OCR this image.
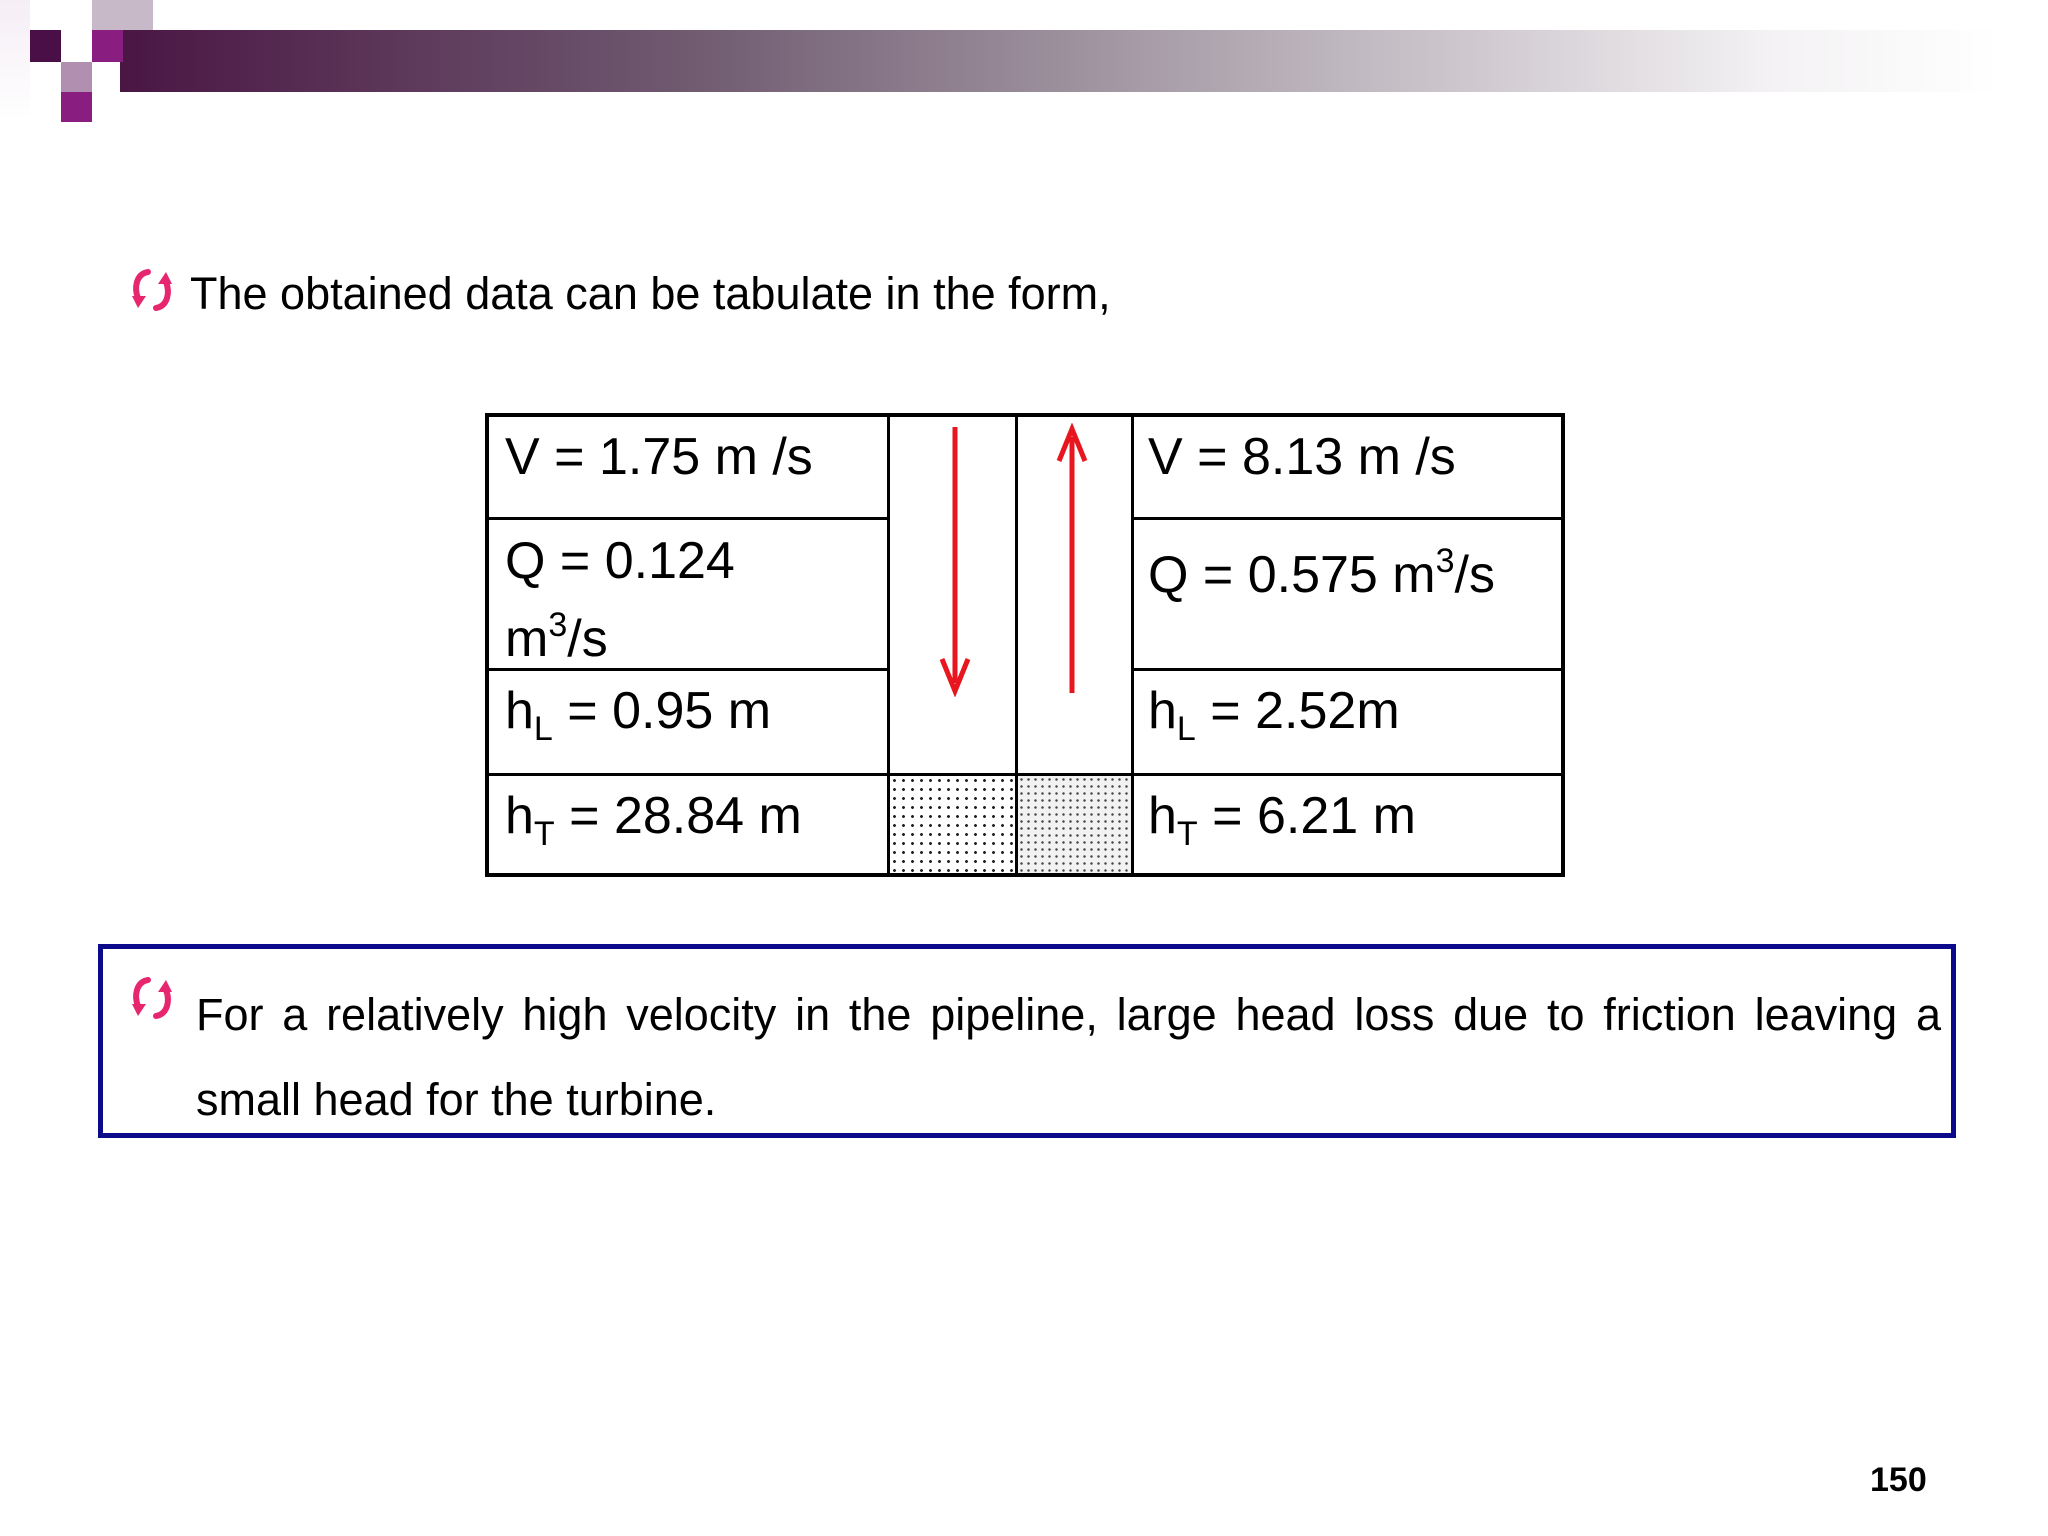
The obtained data can be tabulate in the form,
V = 1.75 m /s
Q = 0.124
$m^3/s$
$h_L = 0.95$ m
$h_T = 28.84$ m
V = 8.13 m /s
Q = 0.575 $m^3/s$
$h_L = 2.52m$
$h_T = 6.21$ m
For a relatively high velocity in the pipeline, large head loss due to friction leaving a small head for the turbine.
150
